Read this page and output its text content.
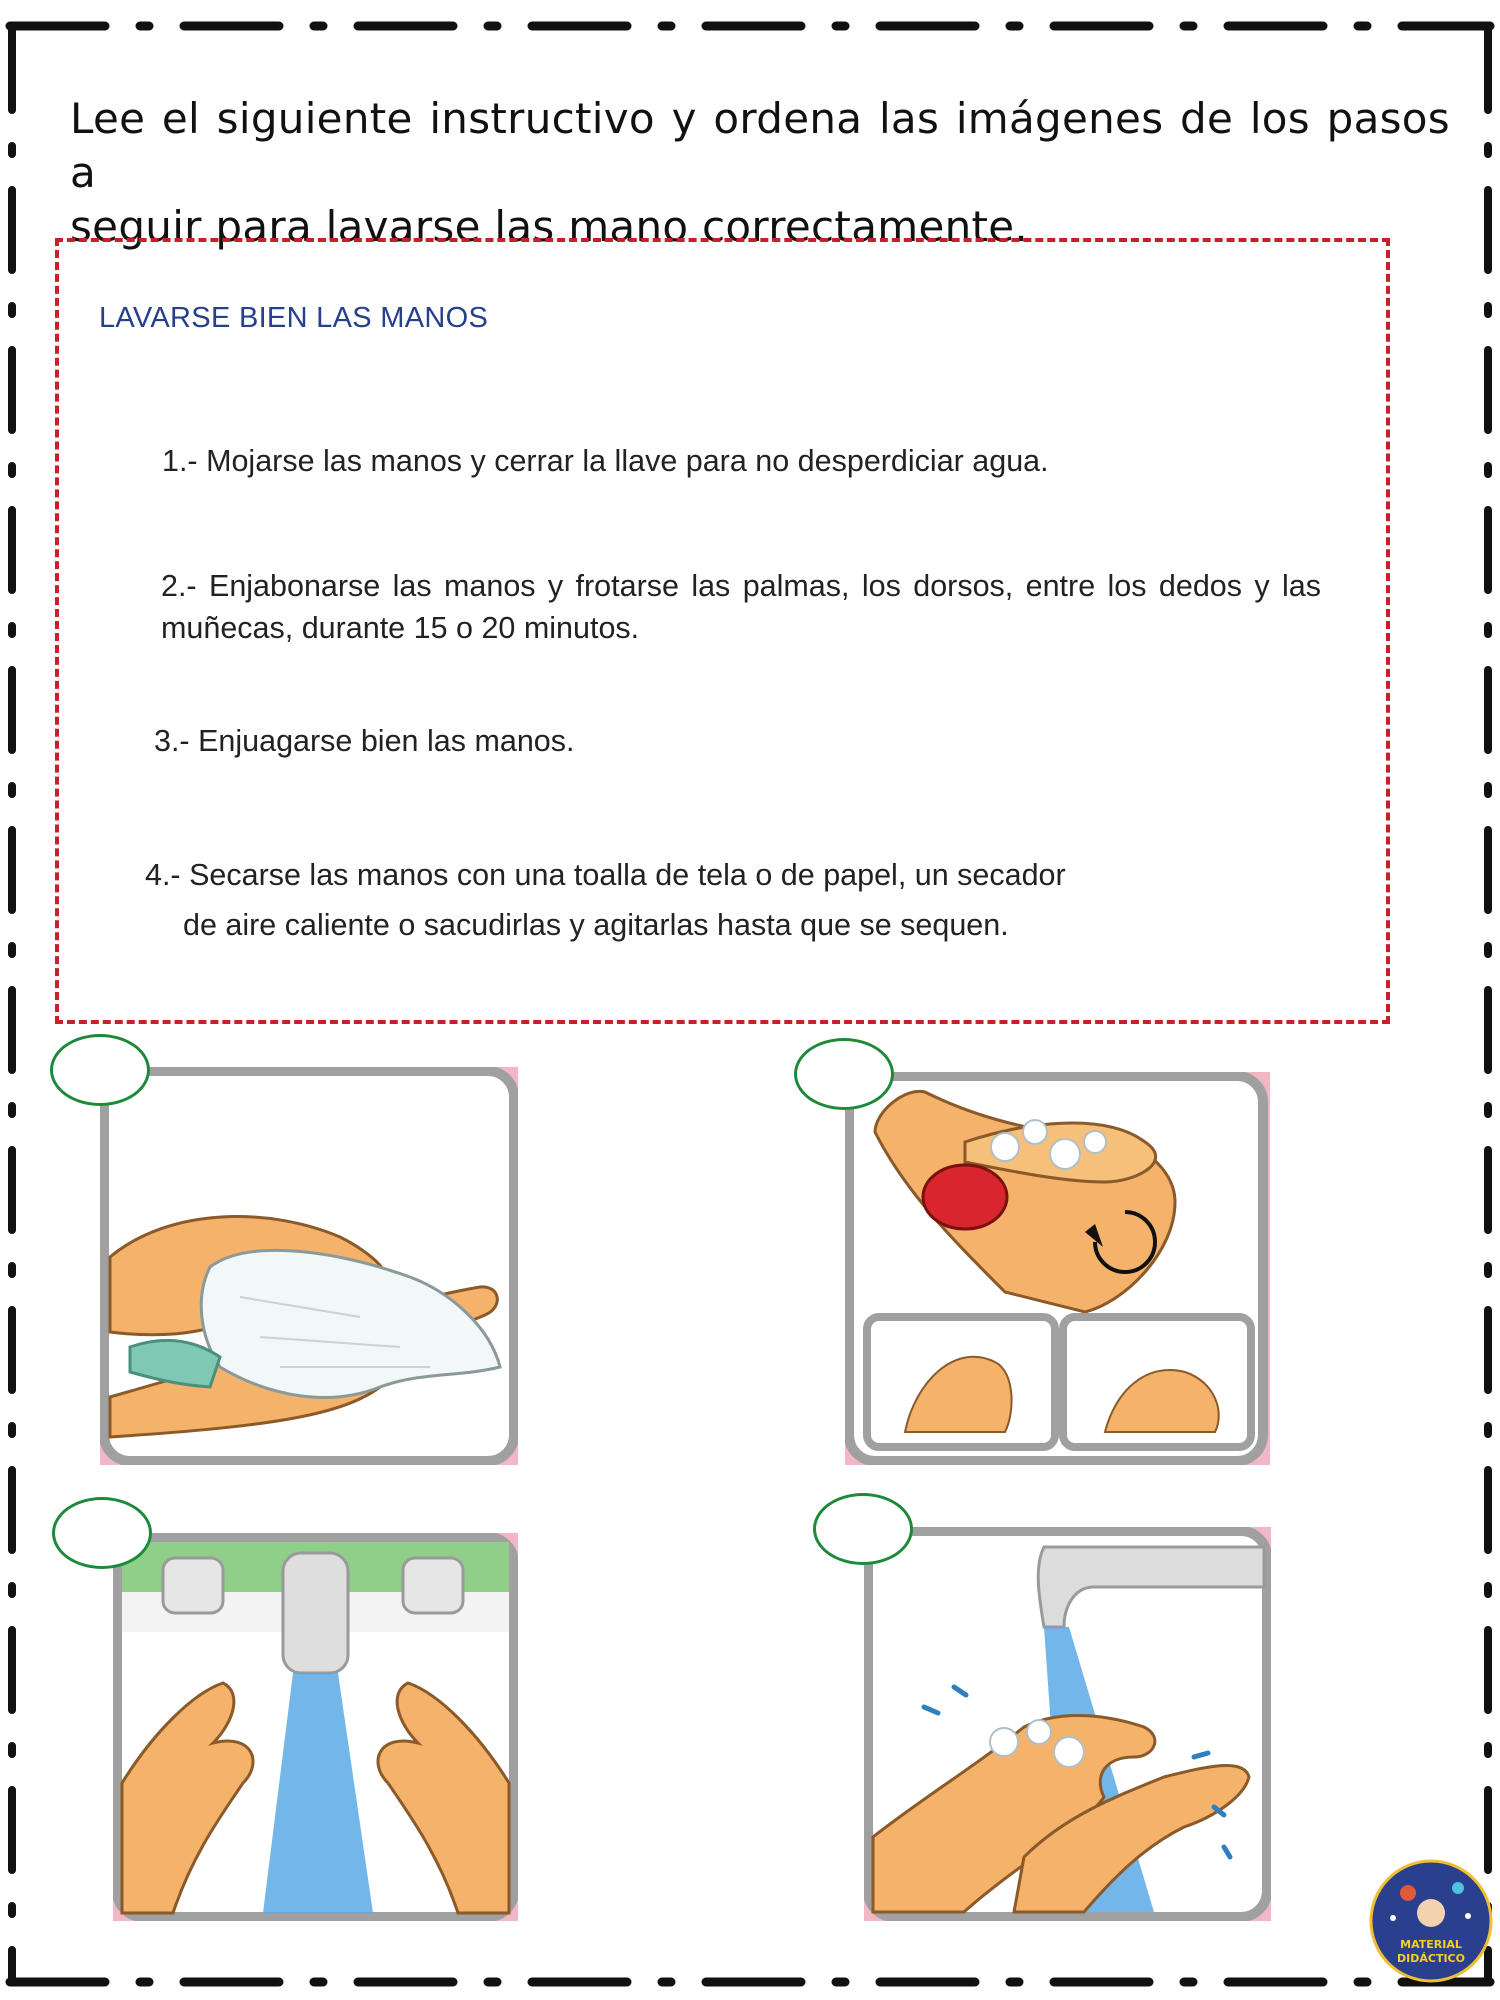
Lee el siguiente instructivo y ordena las imágenes de los pasos a
seguir para lavarse las mano correctamente.
LAVARSE BIEN LAS MANOS
1.- Mojarse las manos y cerrar la llave para no desperdiciar agua.
2.- Enjabonarse las manos y frotarse las palmas, los dorsos, entre los dedos y las muñecas, durante 15 o 20 minutos.
3.- Enjuagarse bien las manos.
4.- Secarse las manos con una toalla de tela o de papel, un secador
de aire caliente o sacudirlas y agitarlas hasta que se sequen.
MATERIAL
DIDÁCTICO
